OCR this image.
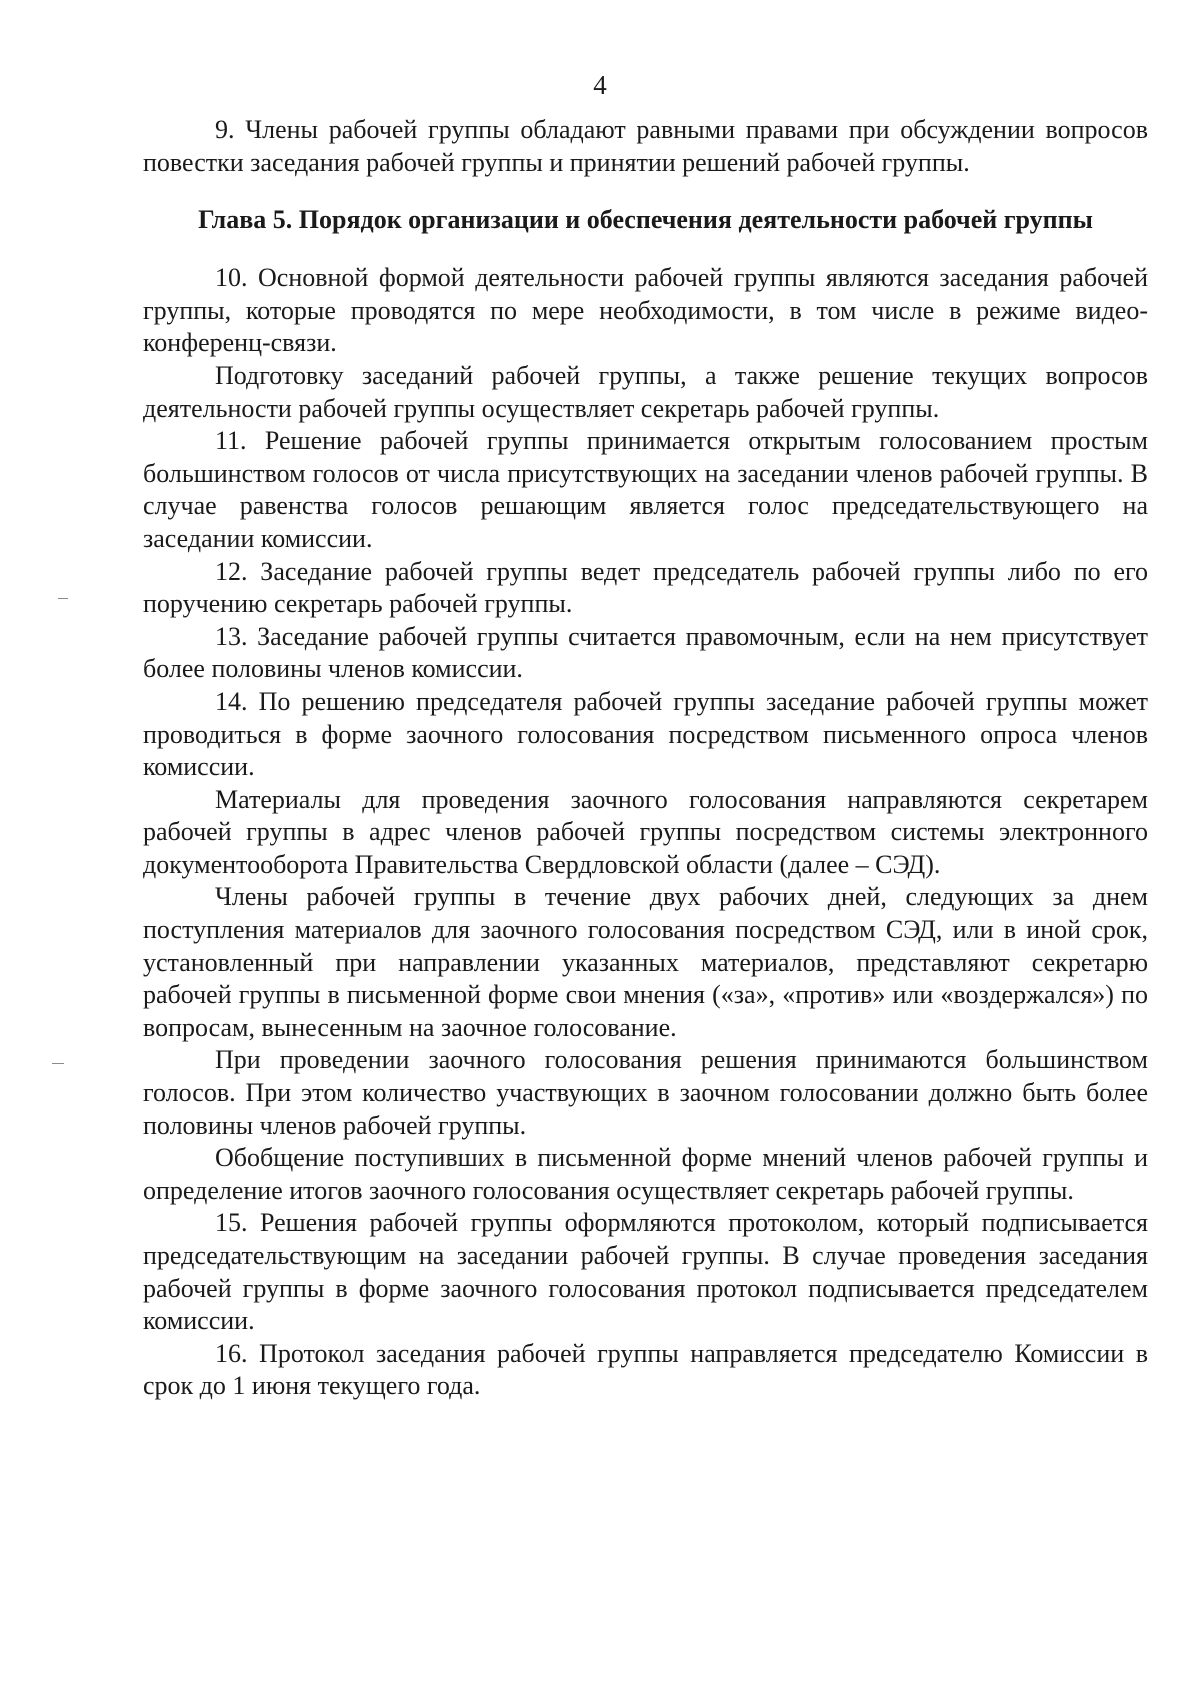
4

9. Члены рабочей группы обладают равными правами при обсуждении вопросов повестки заседания рабочей группы и принятии решений рабочей группы.

Глава 5. Порядок организации и обеспечения деятельности рабочей группы

10. Основной формой деятельности рабочей группы являются заседания рабочей группы, которые проводятся по мере необходимости, в том числе в режиме видео-конференц-связи.

Подготовку заседаний рабочей группы, а также решение текущих вопросов деятельности рабочей группы осуществляет секретарь рабочей группы.

11. Решение рабочей группы принимается открытым голосованием простым большинством голосов от числа присутствующих на заседании членов рабочей группы. В случае равенства голосов решающим является голос председательствующего на заседании комиссии.

12. Заседание рабочей группы ведет председатель рабочей группы либо по его поручению секретарь рабочей группы.

13. Заседание рабочей группы считается правомочным, если на нем присутствует более половины членов комиссии.

14. По решению председателя рабочей группы заседание рабочей группы может проводиться в форме заочного голосования посредством письменного опроса членов комиссии.

Материалы для проведения заочного голосования направляются секретарем рабочей группы в адрес членов рабочей группы посредством системы электронного документооборота Правительства Свердловской области (далее – СЭД).

Члены рабочей группы в течение двух рабочих дней, следующих за днем поступления материалов для заочного голосования посредством СЭД, или в иной срок, установленный при направлении указанных материалов, представляют секретарю рабочей группы в письменной форме свои мнения («за», «против» или «воздержался») по вопросам, вынесенным на заочное голосование.

При проведении заочного голосования решения принимаются большинством голосов. При этом количество участвующих в заочном голосовании должно быть более половины членов рабочей группы.

Обобщение поступивших в письменной форме мнений членов рабочей группы и определение итогов заочного голосования осуществляет секретарь рабочей группы.

15. Решения рабочей группы оформляются протоколом, который подписывается председательствующим на заседании рабочей группы. В случае проведения заседания рабочей группы в форме заочного голосования протокол подписывается председателем комиссии.

16. Протокол заседания рабочей группы направляется председателю Комиссии в срок до 1 июня текущего года.
